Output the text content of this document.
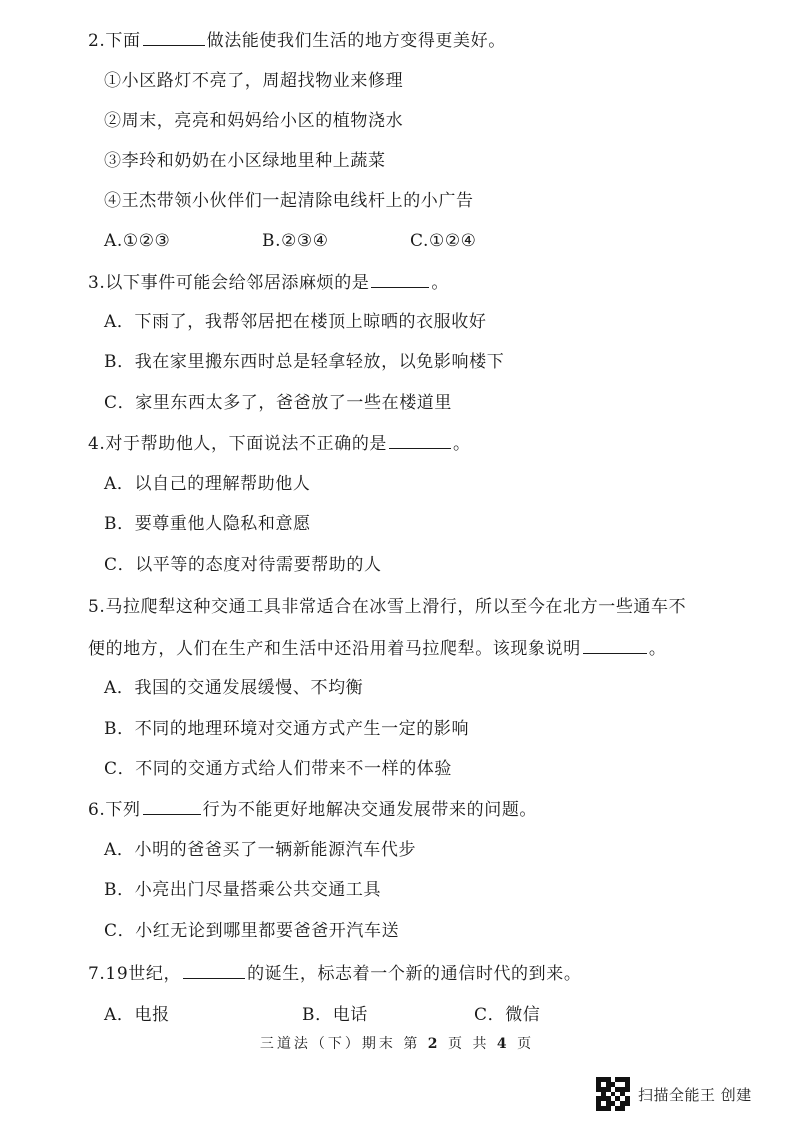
2.下面	做法能使我们生活的地方变得更美好。
①小区路灯不亮了，周超找物业来修理
②周末，亮亮和妈妈给小区的植物浇水
③李玲和奶奶在小区绿地里种上蔬菜
④王杰带领小伙伴们一起清除电线杆上的小广告
A.①②③	B.②③④	C.①②④
3.以下事件可能会给邻居添麻烦的是	。
A．下雨了，我帮邻居把在楼顶上晾晒的衣服收好
B．我在家里搬东西时总是轻拿轻放，以免影响楼下
C．家里东西太多了，爸爸放了一些在楼道里
4.对于帮助他人，下面说法不正确的是	。
A．以自己的理解帮助他人
B．要尊重他人隐私和意愿
C．以平等的态度对待需要帮助的人
5.马拉爬犁这种交通工具非常适合在冰雪上滑行，所以至今在北方一些通车不
便的地方，人们在生产和生活中还沿用着马拉爬犁。该现象说明	。
A．我国的交通发展缓慢、不均衡
B．不同的地理环境对交通方式产生一定的影响
C．不同的交通方式给人们带来不一样的体验
6.下列	行为不能更好地解决交通发展带来的问题。
A．小明的爸爸买了一辆新能源汽车代步
B．小亮出门尽量搭乘公共交通工具
C．小红无论到哪里都要爸爸开汽车送
7.19世纪，	的诞生，标志着一个新的通信时代的到来。
A．电报	B．电话	C．微信
三道法（下）期末 第 2 页 共 4 页
扫描全能王 创建
